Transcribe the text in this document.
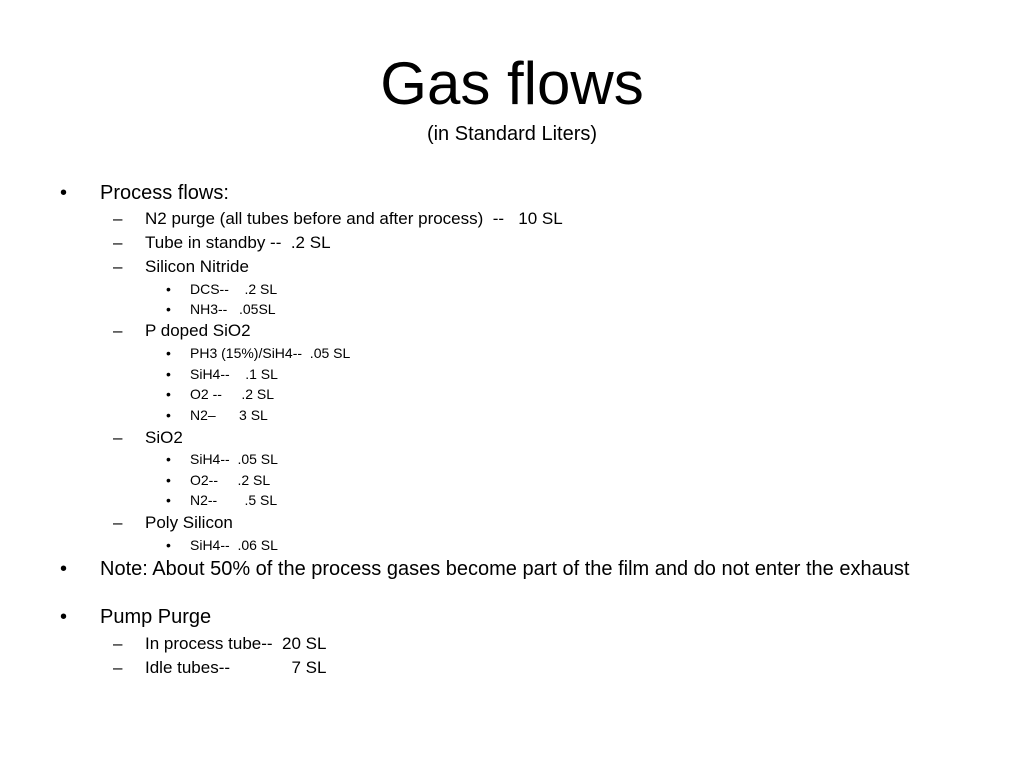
Gas flows
(in Standard Liters)

•

Process flows:

–

N2 purge (all tubes before and after process)  --   10 SL

–

Tube in standby --  .2 SL

–

Silicon Nitride

•

DCS--    .2 SL

•

NH3--   .05SL

–

P doped SiO2

•

PH3 (15%)/SiH4--  .05 SL

•

SiH4--    .1 SL

•

O2 --     .2 SL

•

N2–      3 SL

–

SiO2

•

SiH4--  .05 SL

•

O2--     .2 SL

•

N2--       .5 SL

–

Poly Silicon

•

SiH4--  .06 SL

•

Note: About 50% of the process gases become part of the film and do not enter the exhaust

•

Pump Purge

–

In process tube--  20 SL

–

Idle tubes--             7 SL
